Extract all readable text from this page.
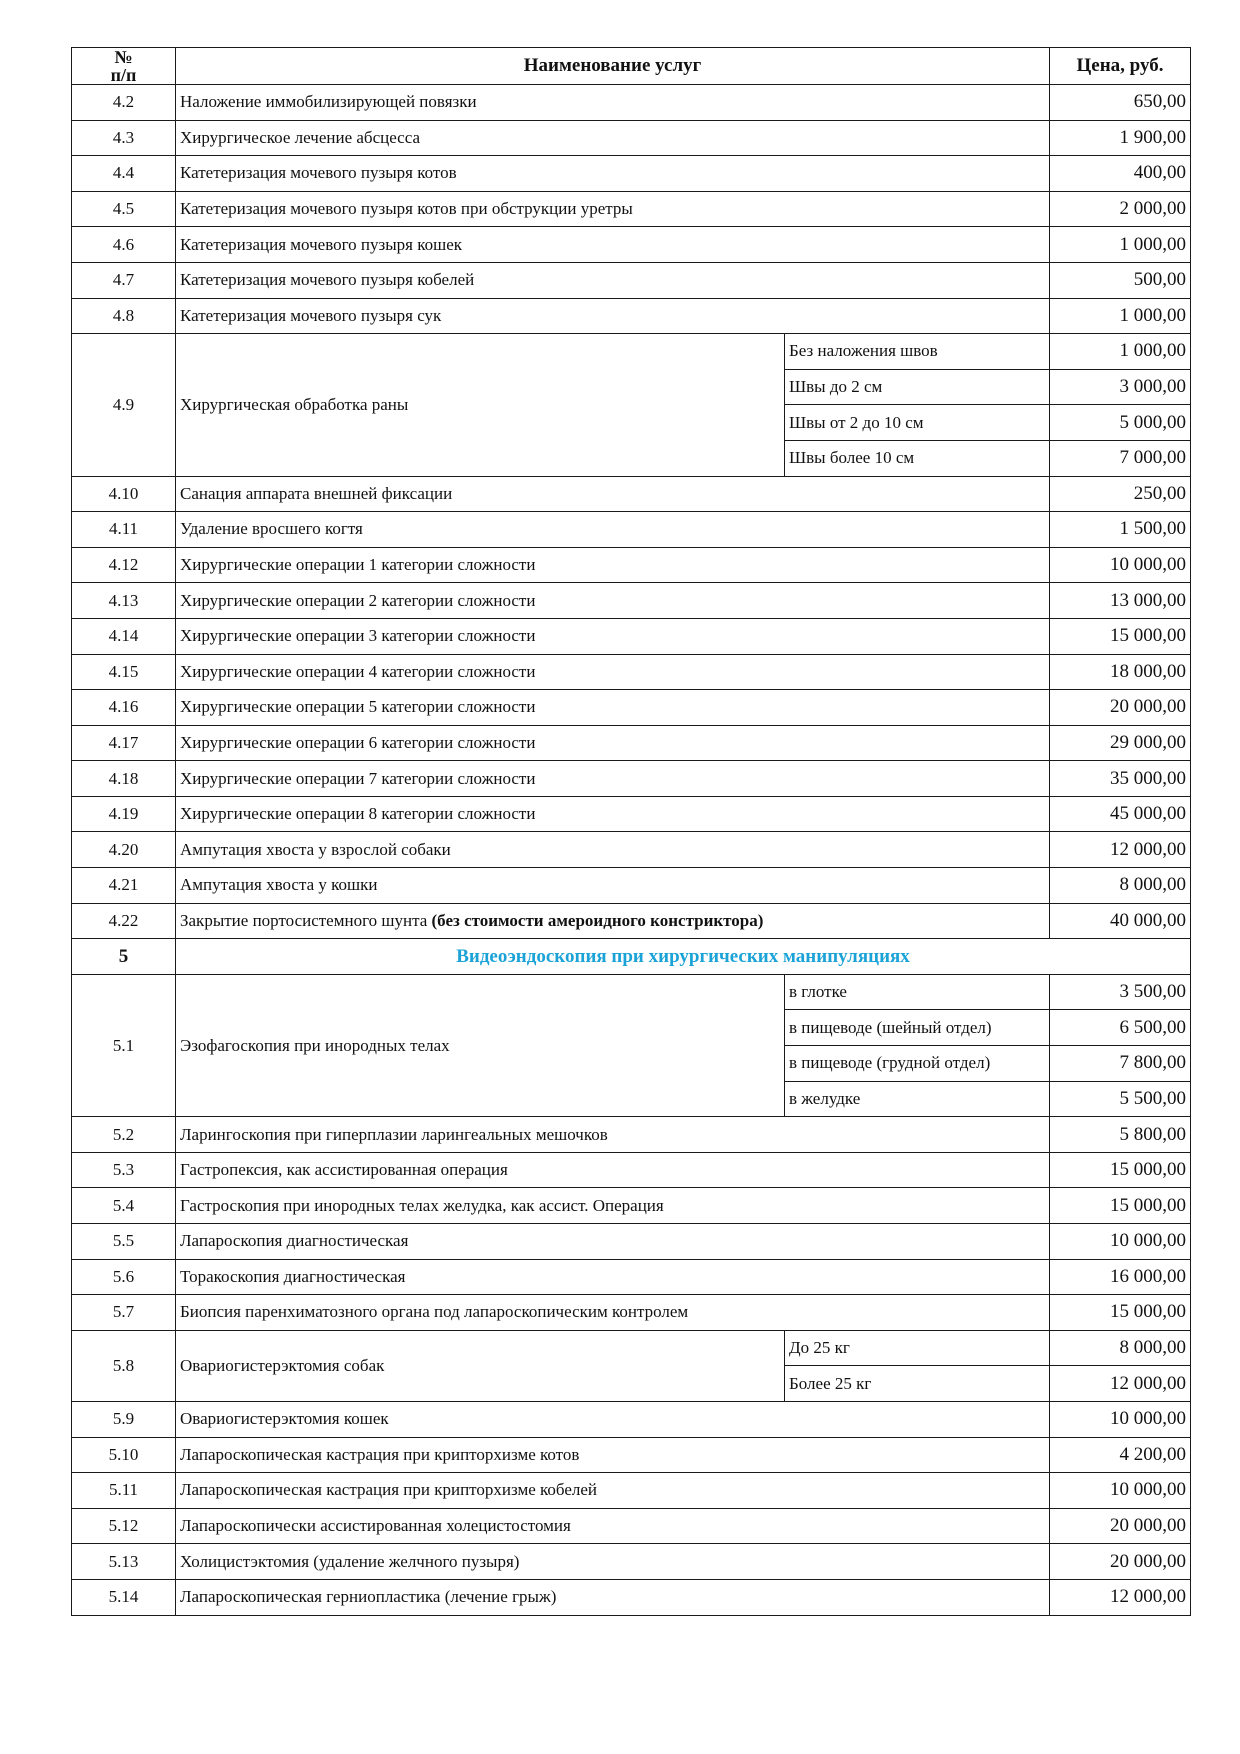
№
п/п	Наименование услуг		Цена, руб.
4.2	Наложение иммобилизирующей повязки		650,00
4.3	Хирургическое лечение абсцесса		1 900,00
4.4	Катетеризация мочевого пузыря котов		400,00
4.5	Катетеризация мочевого пузыря котов при обструкции уретры		2 000,00
4.6	Катетеризация мочевого пузыря кошек		1 000,00
4.7	Катетеризация мочевого пузыря кобелей		500,00
4.8	Катетеризация мочевого пузыря сук		1 000,00
4.9	Хирургическая обработка раны	Без наложения швов	1 000,00
		Швы до 2 см	3 000,00
		Швы от 2 до 10 см	5 000,00
		Швы более 10 см	7 000,00
4.10	Санация аппарата внешней фиксации		250,00
4.11	Удаление вросшего когтя		1 500,00
4.12	Хирургические операции 1 категории сложности		10 000,00
4.13	Хирургические операции 2 категории сложности		13 000,00
4.14	Хирургические операции 3 категории сложности		15 000,00
4.15	Хирургические операции 4 категории сложности		18 000,00
4.16	Хирургические операции 5 категории сложности		20 000,00
4.17	Хирургические операции 6 категории сложности		29 000,00
4.18	Хирургические операции 7 категории сложности		35 000,00
4.19	Хирургические операции 8 категории сложности		45 000,00
4.20	Ампутация хвоста у взрослой собаки		12 000,00
4.21	Ампутация хвоста у кошки		8 000,00
4.22	Закрытие портосистемного шунта (без стоимости амероидного констриктора)		40 000,00
5	Видеоэндоскопия при хирургических манипуляциях		
5.1	Эзофагоскопия при инородных телах	в глотке	3 500,00
		в пищеводе (шейный отдел)	6 500,00
		в пищеводе (грудной отдел)	7 800,00
		в желудке	5 500,00
5.2	Ларингоскопия при гиперплазии ларингеальных мешочков		5 800,00
5.3	Гастропексия, как ассистированная операция		15 000,00
5.4	Гастроскопия при инородных телах желудка, как ассист. Операция		15 000,00
5.5	Лапароскопия диагностическая		10 000,00
5.6	Торакоскопия диагностическая		16 000,00
5.7	Биопсия паренхиматозного органа под лапароскопическим контролем		15 000,00
5.8	Овариогистерэктомия собак	До 25 кг	8 000,00
		Более 25 кг	12 000,00
5.9	Овариогистерэктомия кошек		10 000,00
5.10	Лапароскопическая кастрация при крипторхизме котов		4 200,00
5.11	Лапароскопическая кастрация при крипторхизме кобелей		10 000,00
5.12	Лапароскопически ассистированная холецистостомия		20 000,00
5.13	Холицистэктомия (удаление желчного пузыря)		20 000,00
5.14	Лапароскопическая герниопластика (лечение грыж)		12 000,00
